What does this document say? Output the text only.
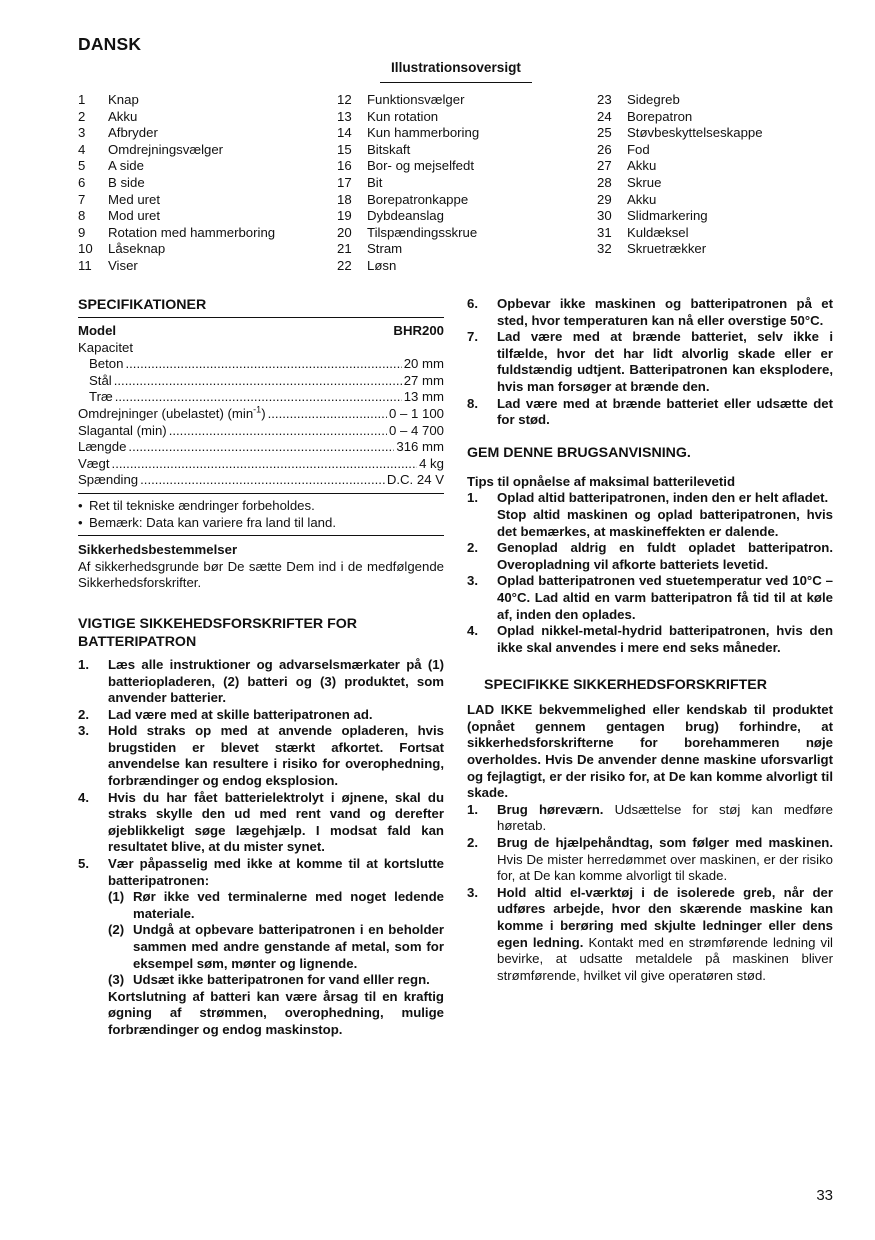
DANSK
Illustrationsoversigt
1	Knap
2	Akku
3	Afbryder
4	Omdrejningsvælger
5	A side
6	B side
7	Med uret
8	Mod uret
9	Rotation med hammerboring
10	Låseknap
11	Viser
12	Funktionsvælger
13	Kun rotation
14	Kun hammerboring
15	Bitskaft
16	Bor- og mejselfedt
17	Bit
18	Borepatronkappe
19	Dybdeanslag
20	Tilspændingsskrue
21	Stram
22	Løsn
23	Sidegreb
24	Borepatron
25	Støvbeskyttelseskappe
26	Fod
27	Akku
28	Skrue
29	Akku
30	Slidmarkering
31	Kuldæksel
32	Skruetrækker
SPECIFIKATIONER
Model	BHR200
Kapacitet
Beton .....	20 mm
Stål .....	27 mm
Træ .....	13 mm
Omdrejninger (ubelastet) $(\min^{-1})$ .....	0 – 1 100
Slagantal (min) .....	0 – 4 700
Længde .....	316 mm
Vægt .....	4 kg
Spænding .....	D.C. 24 V
• Ret til tekniske ændringer forbeholdes.
• Bemærk: Data kan variere fra land til land.
Sikkerhedsbestemmelser
Af sikkerhedsgrunde bør De sætte Dem ind i de medfølgende Sikkerhedsforskrifter.
VIGTIGE SIKKEHEDSFORSKRIFTER FOR BATTERIPATRON
1.	Læs alle instruktioner og advarselsmærkater på (1) batteriopladeren, (2) batteri og (3) produktet, som anvender batterier.
2.	Lad være med at skille batteripatronen ad.
3.	Hold straks op med at anvende opladeren, hvis brugstiden er blevet stærkt afkortet. Fortsat anvendelse kan resultere i risiko for overophedning, forbrændinger og endog eksplosion.
4.	Hvis du har fået batterielektrolyt i øjnene, skal du straks skylle den ud med rent vand og derefter øjeblikkeligt søge lægehjælp. I modsat fald kan resultatet blive, at du mister synet.
5.	Vær påpasselig med ikke at komme til at kortslutte batteripatronen:
(1) Rør ikke ved terminalerne med noget ledende materiale.
(2) Undgå at opbevare batteripatronen i en beholder sammen med andre genstande af metal, som for eksempel søm, mønter og lignende.
(3) Udsæt ikke batteripatronen for vand elller regn.
Kortslutning af batteri kan være årsag til en kraftig øgning af strømmen, overophedning, mulige forbrændinger og endog maskinstop.
6.	Opbevar ikke maskinen og batteripatronen på et sted, hvor temperaturen kan nå eller overstige 50°C.
7.	Lad være med at brænde batteriet, selv ikke i tilfælde, hvor det har lidt alvorlig skade eller er fuldstændig udtjent. Batteripatronen kan eksplodere, hvis man forsøger at brænde den.
8.	Lad være med at brænde batteriet eller udsætte det for stød.
GEM DENNE BRUGSANVISNING.
Tips til opnåelse af maksimal batterilevetid
1.	Oplad altid batteripatronen, inden den er helt afladet.
Stop altid maskinen og oplad batteripatronen, hvis det bemærkes, at maskineffekten er dalende.
2.	Genoplad aldrig en fuldt opladet batteripatron. Overopladning vil afkorte batteriets levetid.
3.	Oplad batteripatronen ved stuetemperatur ved 10°C – 40°C. Lad altid en varm batteripatron få tid til at køle af, inden den oplades.
4.	Oplad nikkel-metal-hydrid batteripatronen, hvis den ikke skal anvendes i mere end seks måneder.
SPECIFIKKE SIKKERHEDSFORSKRIFTER
LAD IKKE bekvemmelighed eller kendskab til produktet (opnået gennem gentagen brug) forhindre, at sikkerhedsforskrifterne for borehammeren nøje overholdes. Hvis De anvender denne maskine uforsvarligt og fejlagtigt, er der risiko for, at De kan komme alvorligt til skade.
1.	Brug høreværn. Udsættelse for støj kan medføre høretab.
2.	Brug de hjælpehåndtag, som følger med maskinen. Hvis De mister herredømmet over maskinen, er der risiko for, at De kan komme alvorligt til skade.
3.	Hold altid el-værktøj i de isolerede greb, når der udføres arbejde, hvor den skærende maskine kan komme i berøring med skjulte ledninger eller dens egen ledning. Kontakt med en strømførende ledning vil bevirke, at udsatte metaldele på maskinen bliver strømførende, hvilket vil give operatøren stød.
33
